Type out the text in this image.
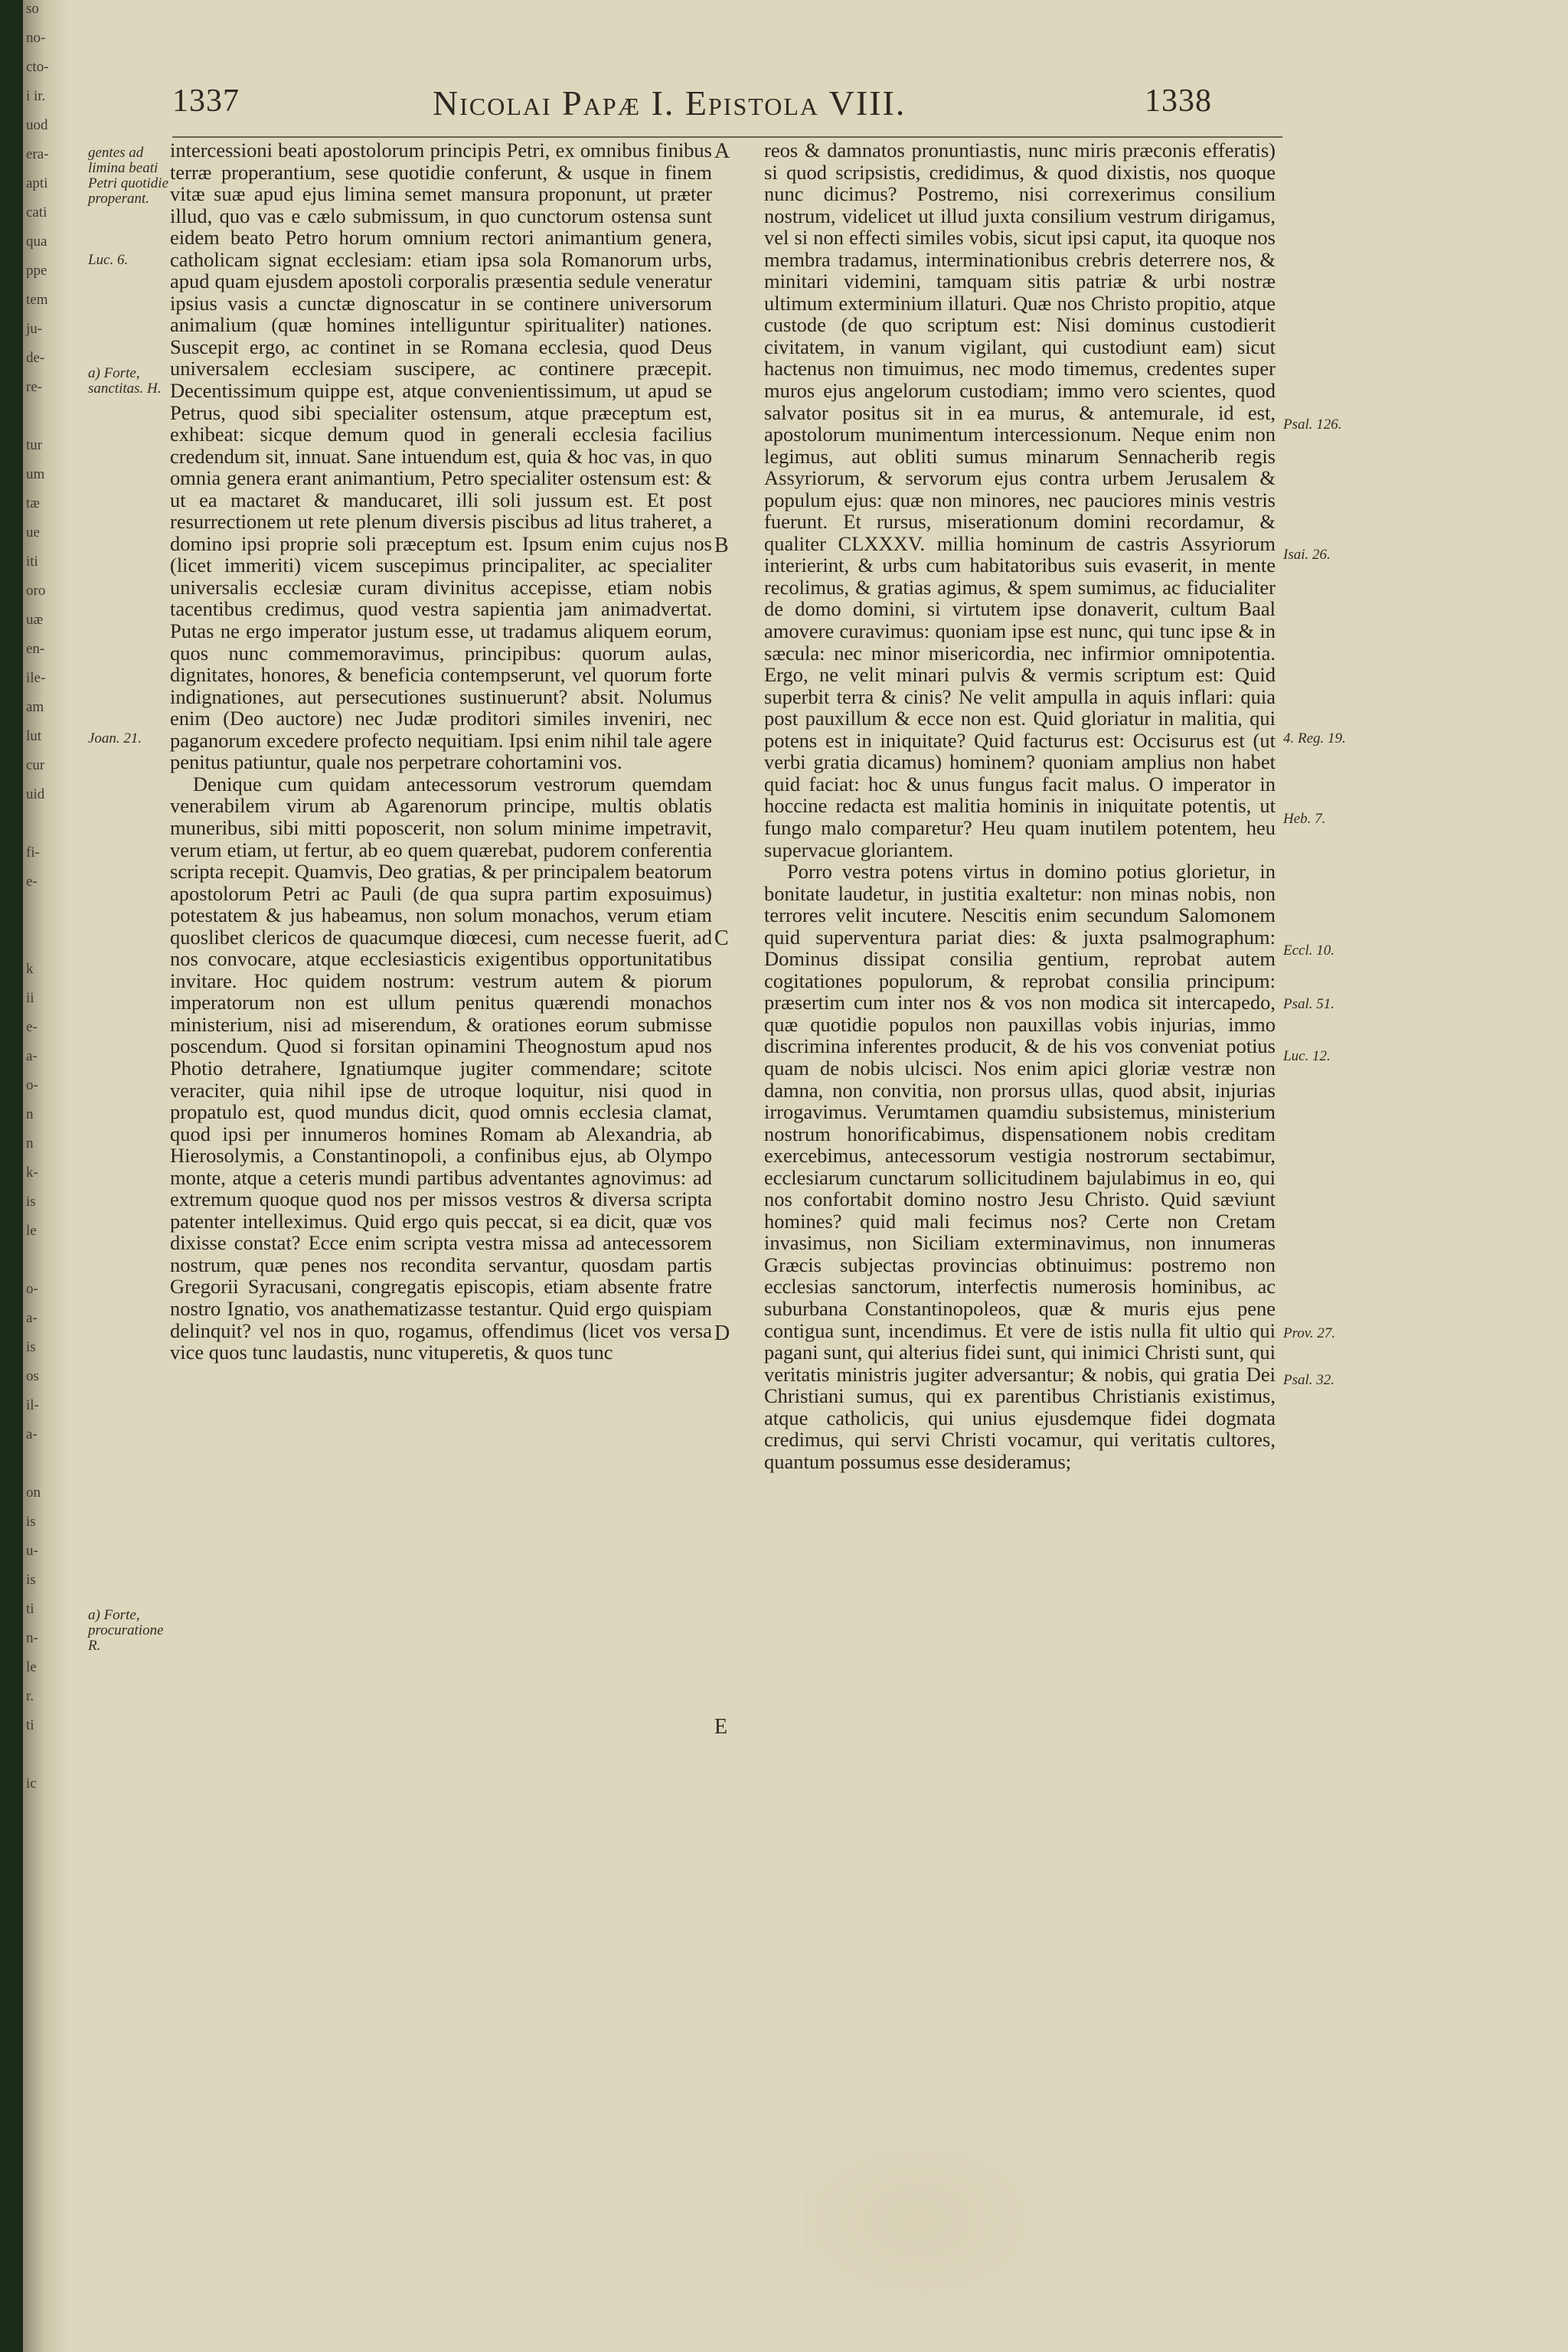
so
no-
cto-
i ir.
uod
era-
apti
cati
qua
ppe
tem
ju-
de-
re-
tur
um
tæ
ue
iti
oro
uæ
en-
ile-
am
lut
cur
uid
fi-
e-
k
ii
e-
a-
o-
n
n
k-
is
le
o-
a-
is
os
il-
a-
on
is
u-
is
ti
n-
le
r.
ti
ic
1337	Nicolai Papæ I. Epistola VIII.	1338
gentes ad limina beati Petri quotidie properant.
Luc. 6.
a) Forte, sanctitas. H.
Joan. 21.
a) Forte, procuratione R.
A
B
C
D
E

intercessioni beati apostolorum principis Petri, ex omnibus finibus terræ properantium, sese quotidie conferunt, & usque in finem vitæ suæ apud ejus limina semet mansura proponunt, ut præter illud, quo vas e cælo submissum, in quo cunctorum ostensa sunt eidem beato Petro horum omnium rectori animantium genera, catholicam signat ecclesiam: etiam ipsa sola Romanorum urbs, apud quam ejusdem apostoli corporalis præsentia sedule veneratur ipsius vasis a cunctæ dignoscatur in se continere universorum animalium (quæ homines intelliguntur spiritualiter) nationes. Suscepit ergo, ac continet in se Romana ecclesia, quod Deus universalem ecclesiam suscipere, ac continere præcepit. Decentissimum quippe est, atque convenientissimum, ut apud se Petrus, quod sibi specialiter ostensum, atque præceptum est, exhibeat: sicque demum quod in generali ecclesia facilius credendum sit, innuat. Sane intuendum est, quia & hoc vas, in quo omnia genera erant animantium, Petro specialiter ostensum est: & ut ea mactaret & manducaret, illi soli jussum est. Et post resurrectionem ut rete plenum diversis piscibus ad litus traheret, a domino ipsi proprie soli præceptum est. Ipsum enim cujus nos (licet immeriti) vicem suscepimus principaliter, ac specialiter universalis ecclesiæ curam divinitus accepisse, etiam nobis tacentibus credimus, quod vestra sapientia jam animadvertat. Putas ne ergo imperator justum esse, ut tradamus aliquem eorum, quos nunc commemoravimus, principibus: quorum aulas, dignitates, honores, & beneficia contempserunt, vel quorum forte indignationes, aut persecutiones sustinuerunt? absit. Nolumus enim (Deo auctore) nec Judæ proditori similes inveniri, nec paganorum excedere profecto nequitiam. Ipsi enim nihil tale agere penitus patiuntur, quale nos perpetrare cohortamini vos.

Denique cum quidam antecessorum vestrorum quemdam venerabilem virum ab Agarenorum principe, multis oblatis muneribus, sibi mitti poposcerit, non solum minime impetravit, verum etiam, ut fertur, ab eo quem quærebat, pudorem conferentia scripta recepit. Quamvis, Deo gratias, & per principalem beatorum apostolorum Petri ac Pauli (de qua supra partim exposuimus) potestatem & jus habeamus, non solum monachos, verum etiam quoslibet clericos de quacumque diœcesi, cum necesse fuerit, ad nos convocare, atque ecclesiasticis exigentibus opportunitatibus invitare. Hoc quidem nostrum: vestrum autem & piorum imperatorum non est ullum penitus quærendi monachos ministerium, nisi ad miserendum, & orationes eorum submisse poscendum. Quod si forsitan opinamini Theognostum apud nos Photio detrahere, Ignatiumque jugiter commendare; scitote veraciter, quia nihil ipse de utroque loquitur, nisi quod in propatulo est, quod mundus dicit, quod omnis ecclesia clamat, quod ipsi per innumeros homines Romam ab Alexandria, ab Hierosolymis, a Constantinopoli, a confinibus ejus, ab Olympo monte, atque a ceteris mundi partibus adventantes agnovimus: ad extremum quoque quod nos per missos vestros & diversa scripta patenter intelleximus. Quid ergo quis peccat, si ea dicit, quæ vos dixisse constat? Ecce enim scripta vestra missa ad antecessorem nostrum, quæ penes nos recondita servantur, quosdam partis Gregorii Syracusani, congregatis episcopis, etiam absente fratre nostro Ignatio, vos anathematizasse testantur. Quid ergo quispiam delinquit? vel nos in quo, rogamus, offendimus (licet vos versa vice quos tunc laudastis, nunc vituperetis, & quos tunc

reos & damnatos pronuntiastis, nunc miris præconis efferatis) si quod scripsistis, credidimus, & quod dixistis, nos quoque nunc dicimus? Postremo, nisi correxerimus consilium nostrum, videlicet ut illud juxta consilium vestrum dirigamus, vel si non effecti similes vobis, sicut ipsi caput, ita quoque nos membra tradamus, interminationibus crebris deterrere nos, & minitari videmini, tamquam sitis patriæ & urbi nostræ ultimum exterminium illaturi. Quæ nos Christo propitio, atque custode (de quo scriptum est: Nisi dominus custodierit civitatem, in vanum vigilant, qui custodiunt eam) sicut hactenus non timuimus, nec modo timemus, credentes super muros ejus angelorum custodiam; immo vero scientes, quod salvator positus sit in ea murus, & antemurale, id est, apostolorum munimentum intercessionum. Neque enim non legimus, aut obliti sumus minarum Sennacherib regis Assyriorum, & servorum ejus contra urbem Jerusalem & populum ejus: quæ non minores, nec pauciores minis vestris fuerunt. Et rursus, miserationum domini recordamur, & qualiter CLXXXV. millia hominum de castris Assyriorum interierint, & urbs cum habitatoribus suis evaserit, in mente recolimus, & gratias agimus, & spem sumimus, ac fiducialiter de domo domini, si virtutem ipse donaverit, cultum Baal amovere curavimus: quoniam ipse est nunc, qui tunc ipse & in sæcula: nec minor misericordia, nec infirmior omnipotentia. Ergo, ne velit minari pulvis & vermis scriptum est: Quid superbit terra & cinis? Ne velit ampulla in aquis inflari: quia post pauxillum & ecce non est. Quid gloriatur in malitia, qui potens est in iniquitate? Quid facturus est: Occisurus est (ut verbi gratia dicamus) hominem? quoniam amplius non habet quid faciat: hoc & unus fungus facit malus. O imperator in hoccine redacta est malitia hominis in iniquitate potentis, ut fungo malo comparetur? Heu quam inutilem potentem, heu supervacue gloriantem.

Porro vestra potens virtus in domino potius glorietur, in bonitate laudetur, in justitia exaltetur: non minas nobis, non terrores velit incutere. Nescitis enim secundum Salomonem quid superventura pariat dies: & juxta psalmographum: Dominus dissipat consilia gentium, reprobat autem cogitationes populorum, & reprobat consilia principum: præsertim cum inter nos & vos non modica sit intercapedo, quæ quotidie populos non pauxillas vobis injurias, immo discrimina inferentes producit, & de his vos conveniat potius quam de nobis ulcisci. Nos enim apici gloriæ vestræ non damna, non convitia, non prorsus ullas, quod absit, injurias irrogavimus. Verumtamen quamdiu subsistemus, ministerium nostrum honorificabimus, dispensationem nobis creditam exercebimus, antecessorum vestigia nostrorum sectabimur, ecclesiarum cunctarum sollicitudinem bajulabimus in eo, qui nos confortabit domino nostro Jesu Christo. Quid sæviunt homines? quid mali fecimus nos? Certe non Cretam invasimus, non Siciliam exterminavimus, non innumeras Græcis subjectas provincias obtinuimus: postremo non ecclesias sanctorum, interfectis numerosis hominibus, ac suburbana Constantinopoleos, quæ & muris ejus pene contigua sunt, incendimus. Et vere de istis nulla fit ultio qui pagani sunt, qui alterius fidei sunt, qui inimici Christi sunt, qui veritatis ministris jugiter adversantur; & nobis, qui gratia Dei Christiani sumus, qui ex parentibus Christianis existimus, atque catholicis, qui unius ejusdemque fidei dogmata credimus, qui servi Christi vocamur, qui veritatis cultores, quantum possumus esse desideramus;

Psal. 126.
Isai. 26.
4. Reg. 19.
Heb. 7.
Eccl. 10.
Psal. 51.
Luc. 12.
Prov. 27.
Psal. 32.
